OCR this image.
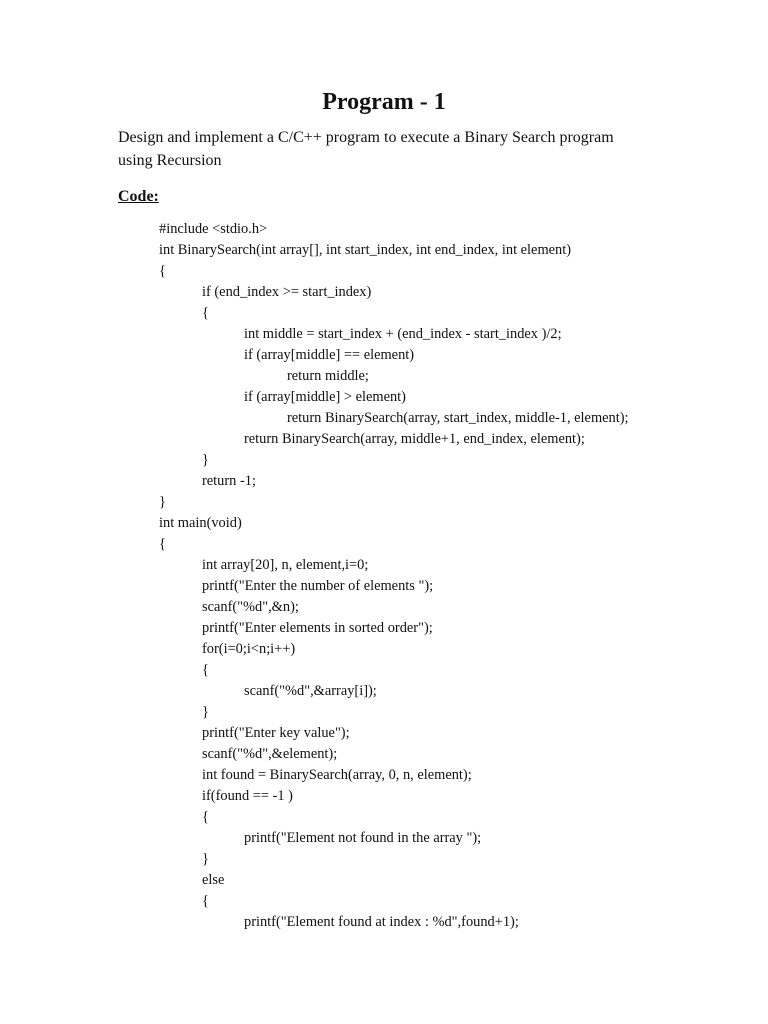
Program - 1
Design and implement a C/C++ program to execute a Binary Search program
using Recursion
Code:
#include <stdio.h>
int BinarySearch(int array[], int start_index, int end_index, int element)
{
if (end_index >= start_index)
{
int middle = start_index + (end_index - start_index )/2;
if (array[middle] == element)
return middle;
if (array[middle] > element)
return BinarySearch(array, start_index, middle-1, element);
return BinarySearch(array, middle+1, end_index, element);
}
return -1;
}
int main(void)
{
int array[20], n, element,i=0;
printf("Enter the number of elements ");
scanf("%d",&n);
printf("Enter elements in sorted order");
for(i=0;i<n;i++)
{
scanf("%d",&array[i]);
}
printf("Enter key value");
scanf("%d",&element);
int found = BinarySearch(array, 0, n, element);
if(found == -1 )
{
printf("Element not found in the array ");
}
else
{
printf("Element found at index : %d",found+1);
